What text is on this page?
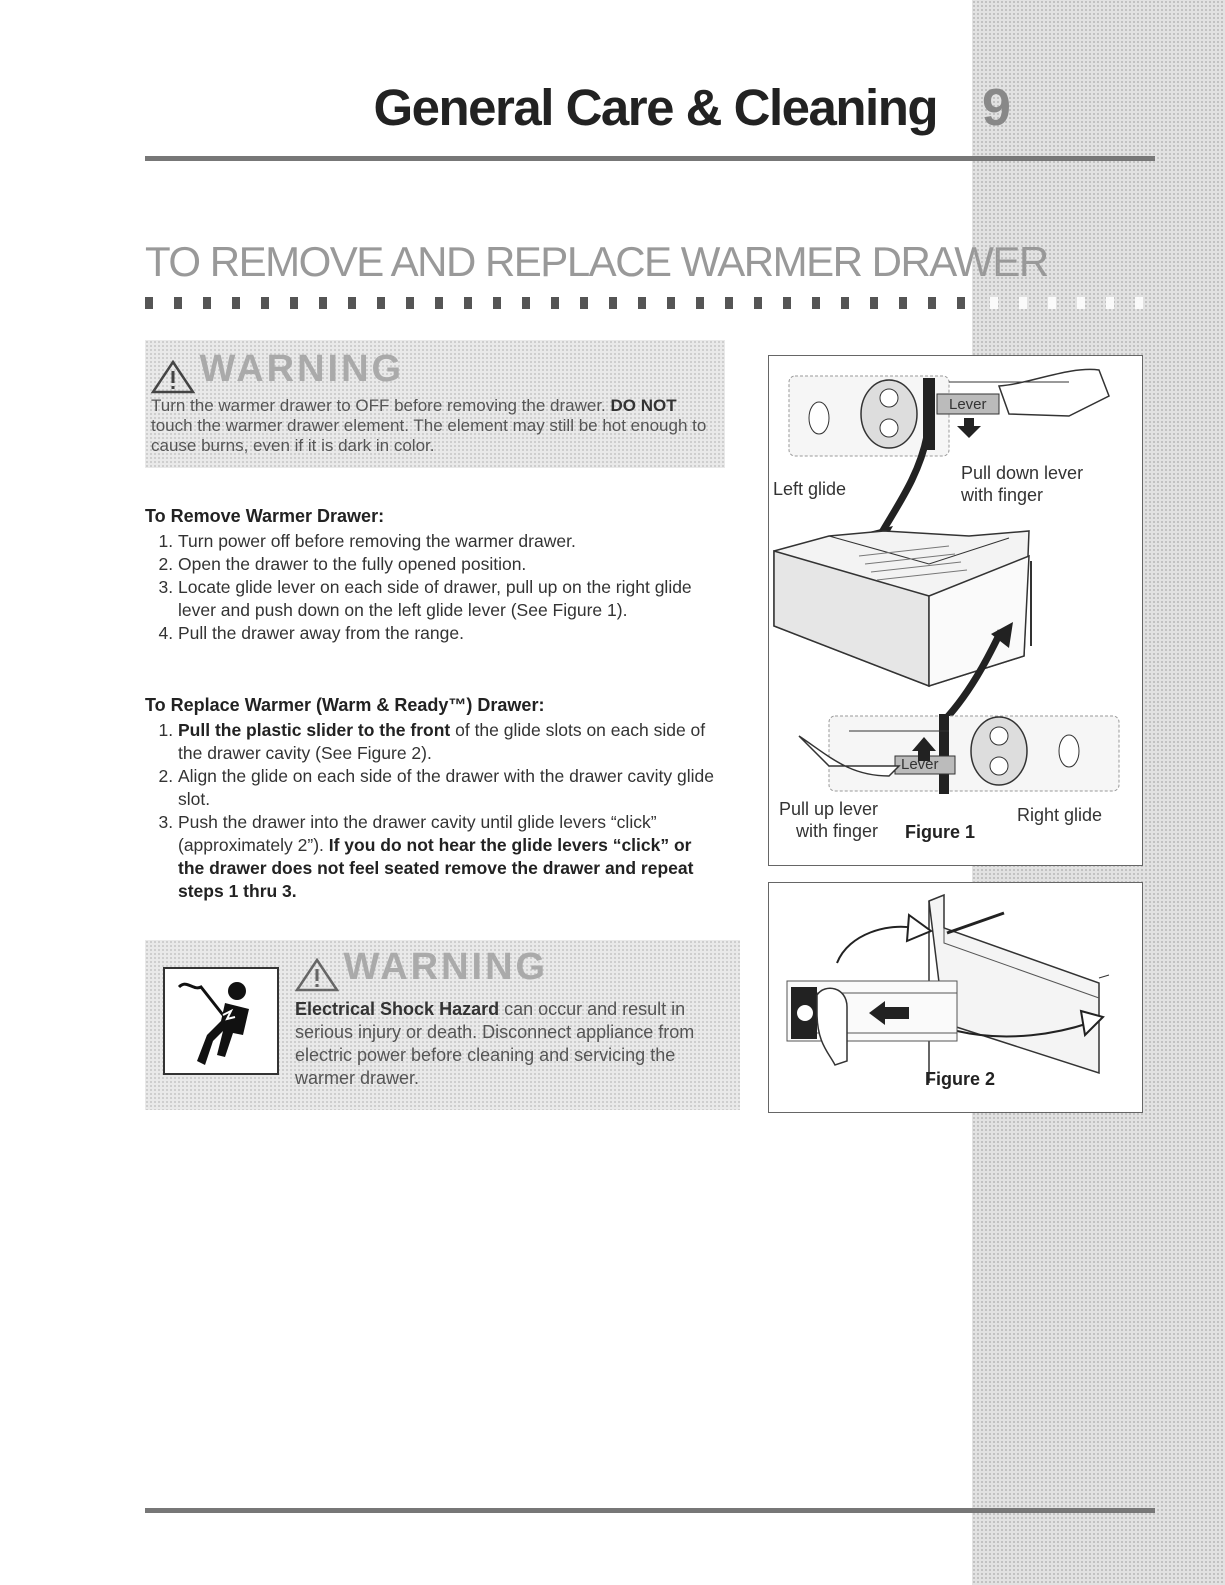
General Care & Cleaning 9
TO REMOVE AND REPLACE WARMER DRAWER
WARNING
Turn the warmer drawer to OFF before removing the drawer. DO NOT touch the warmer drawer element. The element may still be hot enough to cause burns, even if it is dark in color.
To Remove Warmer Drawer:
1. Turn power off before removing the warmer drawer.
2. Open the drawer to the fully opened position.
3. Locate glide lever on each side of drawer, pull up on the right glide lever and push down on the left glide lever (See Figure 1).
4. Pull the drawer away from the range.
To Replace Warmer (Warm & Ready™) Drawer:
1. Pull the plastic slider to the front of the glide slots on each side of the drawer cavity (See Figure 2).
2. Align the glide on each side of the drawer with the drawer cavity glide slot.
3. Push the drawer into the drawer cavity until glide levers “click” (approximately 2”). If you do not hear the glide levers “click” or the drawer does not feel seated remove the drawer and repeat steps 1 thru 3.
WARNING
Electrical Shock Hazard can occur and result in serious injury or death. Disconnect appliance from electric power before cleaning and servicing the warmer drawer.
Lever
Lever
Left glide
Pull down lever
with finger
Pull up lever
with finger
Right glide
Figure 1
Figure 2
